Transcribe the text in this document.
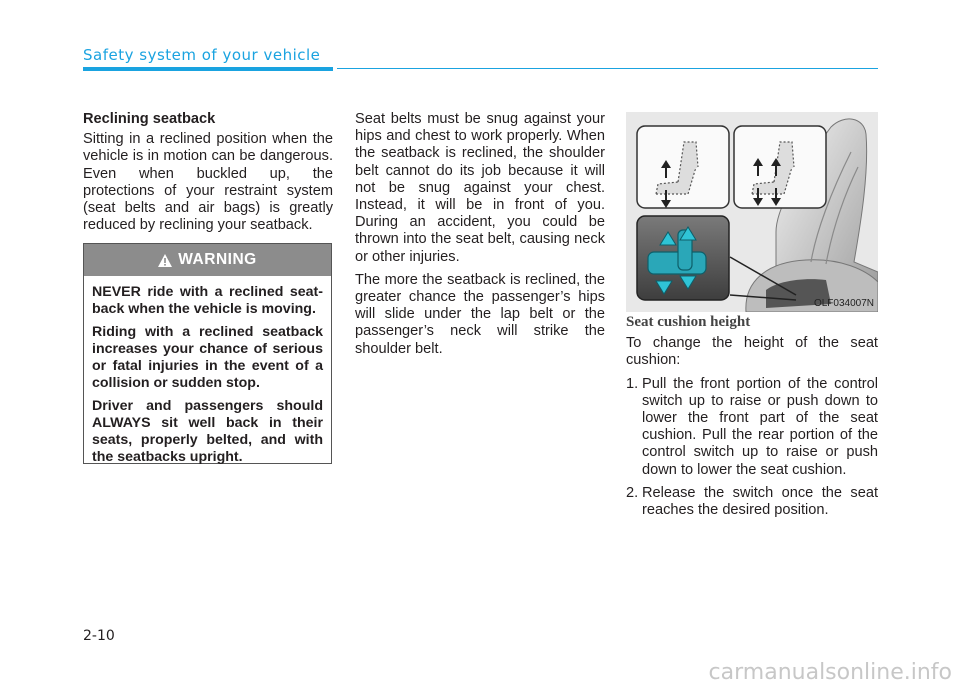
Safety system of your vehicle
Reclining seatback

Sitting in a reclined position when the vehicle is in motion can be dangerous. Even when buckled up, the protections of your restraint system (seat belts and air bags) is greatly reduced by reclining your seatback.

WARNING

NEVER ride with a reclined seat-back when the vehicle is moving.

Riding with a reclined seatback increases your chance of serious or fatal injuries in the event of a collision or sudden stop.

Driver and passengers should ALWAYS sit well back in their seats, properly belted, and with the seatbacks upright.

Seat belts must be snug against your hips and chest to work properly. When the seatback is reclined, the shoulder belt cannot do its job because it will not be snug against your chest. Instead, it will be in front of you. During an accident, you could be thrown into the seat belt, causing neck or other injuries.

The more the seatback is reclined, the greater chance the passenger’s hips will slide under the lap belt or the passenger’s neck will strike the shoulder belt.

OLF034007N
Seat cushion height

To change the height of the seat cushion:

1. Pull the front portion of the control switch up to raise or push down to lower the front part of the seat cushion. Pull the rear portion of the control switch up to raise or push down to lower the seat cushion.
2. Release the switch once the seat reaches the desired position.
2-10
carmanualsonline.info
